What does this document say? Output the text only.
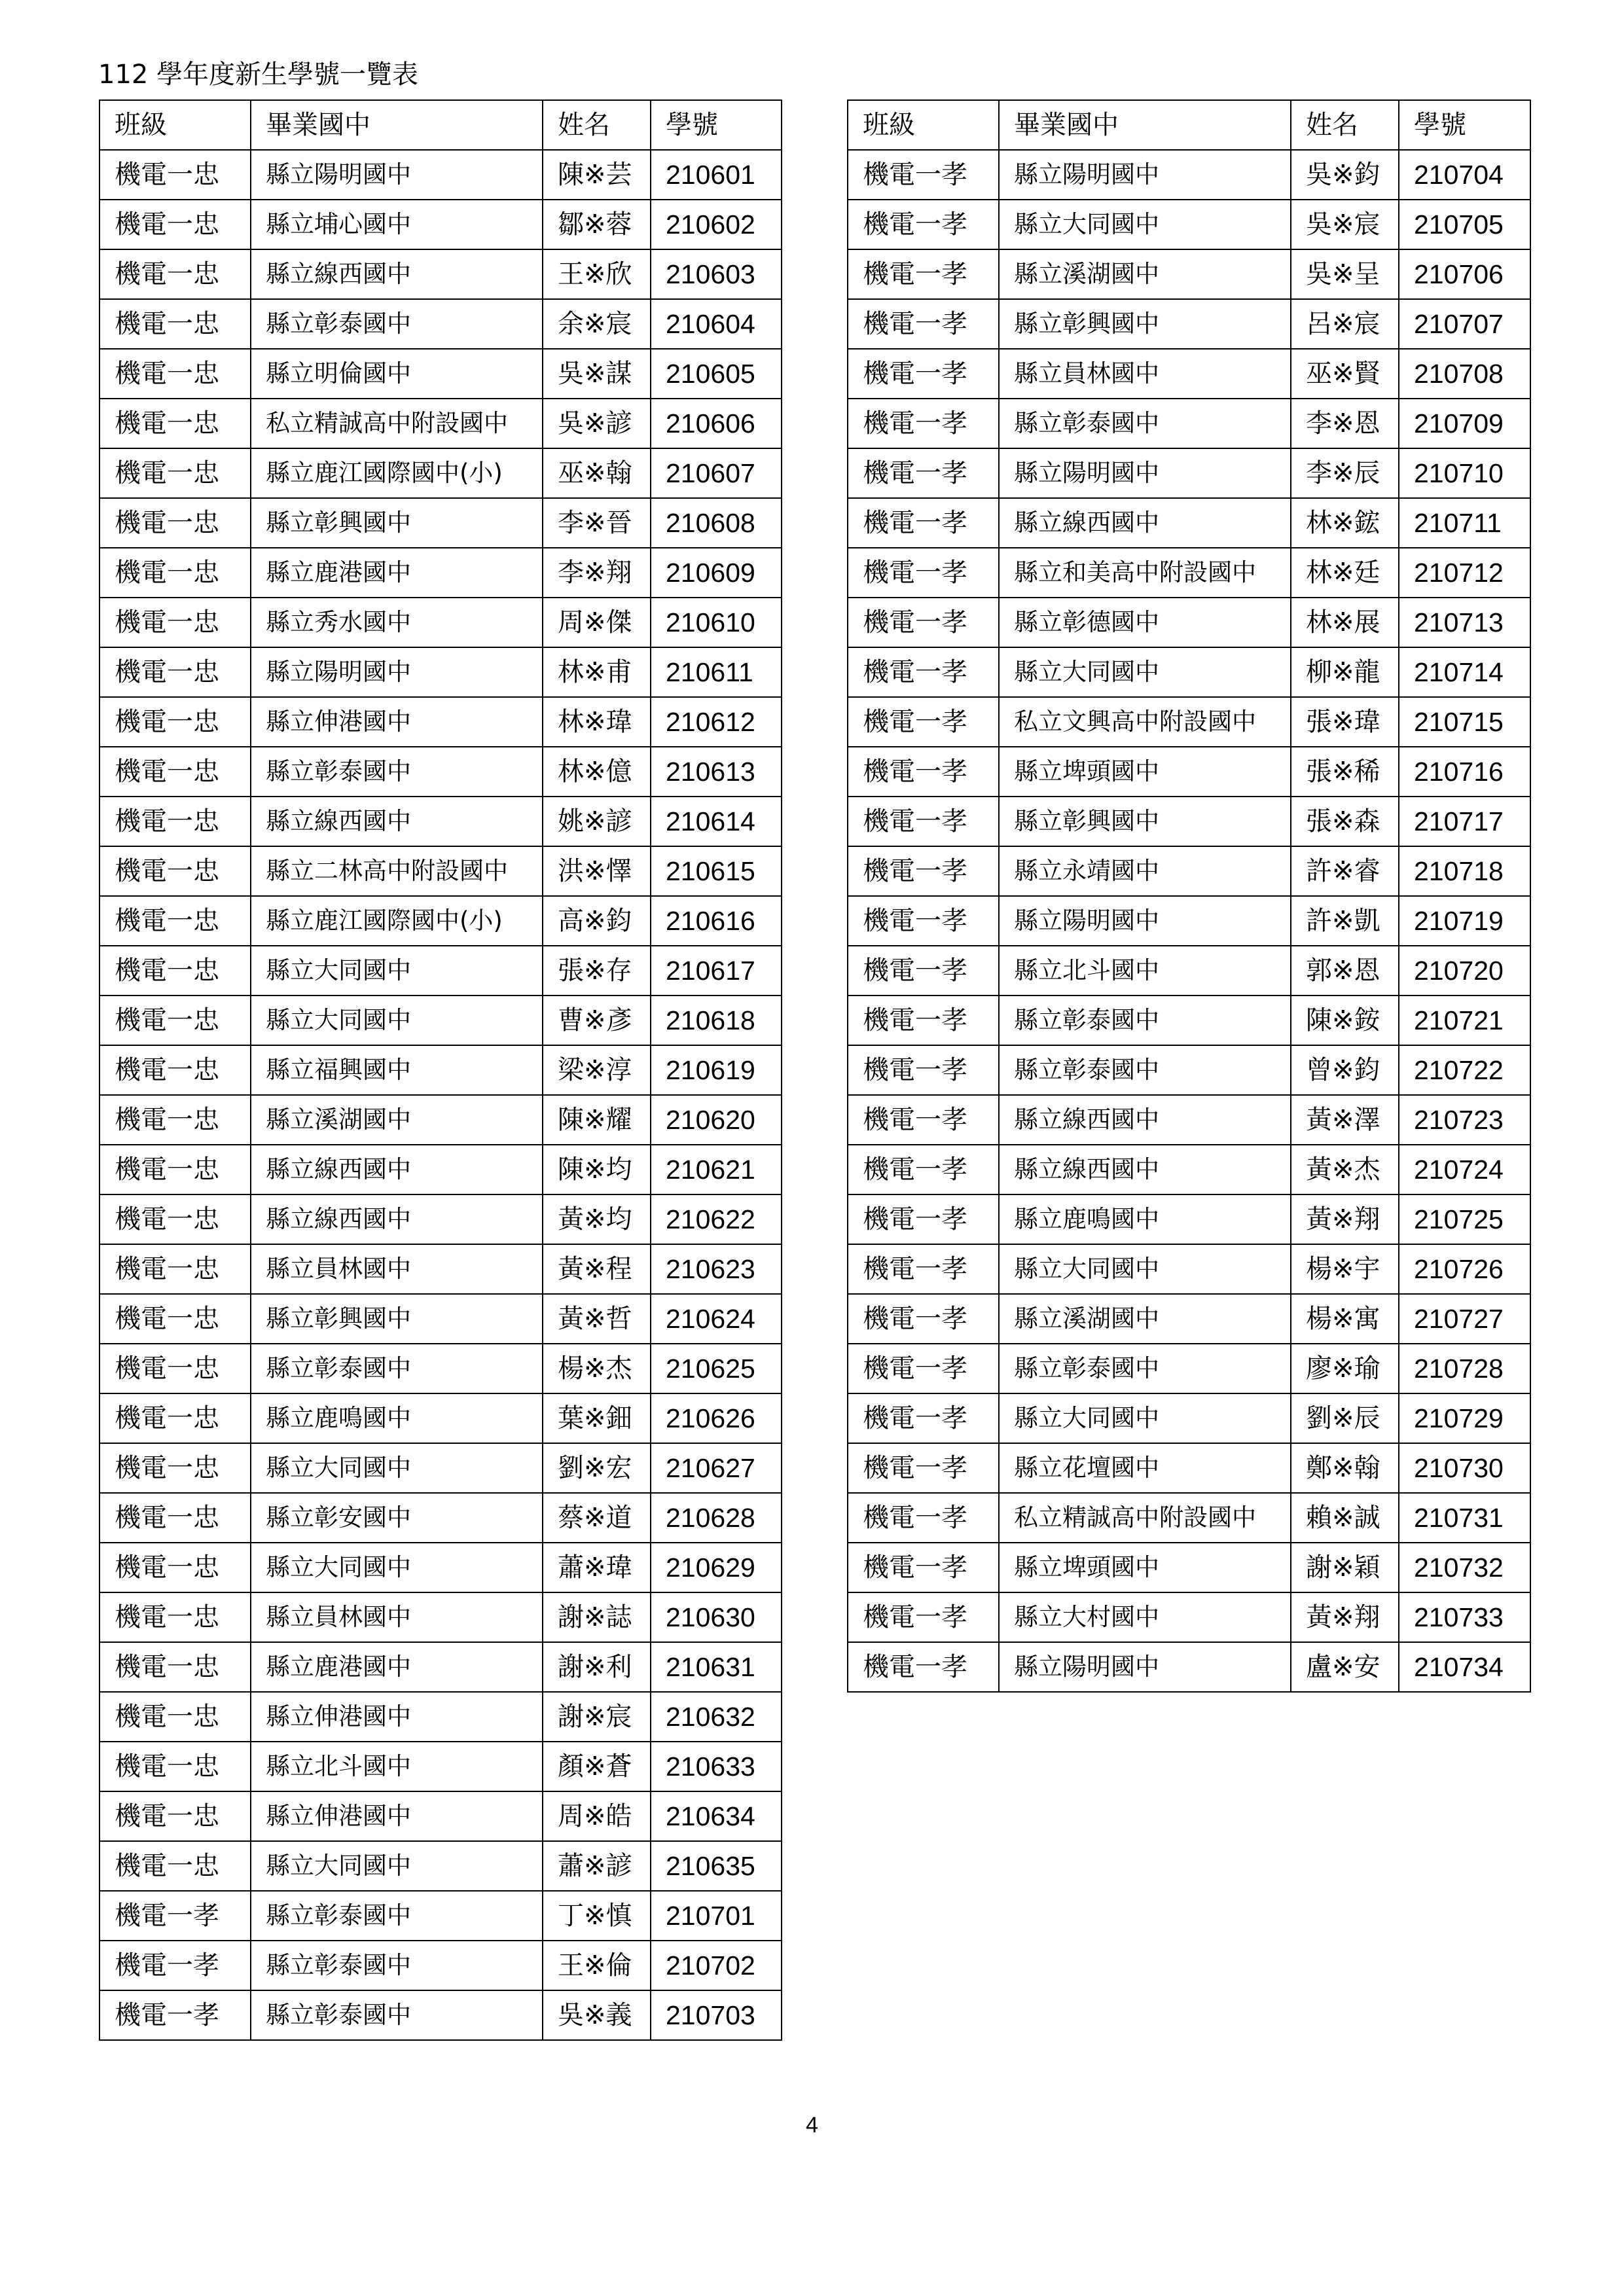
112 學年度新生學號一覽表
班級	畢業國中	姓名	學號
機電一忠	縣立陽明國中	陳※芸	210601
機電一忠	縣立埔心國中	鄒※蓉	210602
機電一忠	縣立線西國中	王※欣	210603
機電一忠	縣立彰泰國中	余※宸	210604
機電一忠	縣立明倫國中	吳※謀	210605
機電一忠	私立精誠高中附設國中	吳※諺	210606
機電一忠	縣立鹿江國際國中(小)	巫※翰	210607
機電一忠	縣立彰興國中	李※晉	210608
機電一忠	縣立鹿港國中	李※翔	210609
機電一忠	縣立秀水國中	周※傑	210610
機電一忠	縣立陽明國中	林※甫	210611
機電一忠	縣立伸港國中	林※瑋	210612
機電一忠	縣立彰泰國中	林※億	210613
機電一忠	縣立線西國中	姚※諺	210614
機電一忠	縣立二林高中附設國中	洪※懌	210615
機電一忠	縣立鹿江國際國中(小)	高※鈞	210616
機電一忠	縣立大同國中	張※存	210617
機電一忠	縣立大同國中	曹※彥	210618
機電一忠	縣立福興國中	梁※淳	210619
機電一忠	縣立溪湖國中	陳※耀	210620
機電一忠	縣立線西國中	陳※均	210621
機電一忠	縣立線西國中	黃※均	210622
機電一忠	縣立員林國中	黃※程	210623
機電一忠	縣立彰興國中	黃※哲	210624
機電一忠	縣立彰泰國中	楊※杰	210625
機電一忠	縣立鹿鳴國中	葉※鈿	210626
機電一忠	縣立大同國中	劉※宏	210627
機電一忠	縣立彰安國中	蔡※道	210628
機電一忠	縣立大同國中	蕭※瑋	210629
機電一忠	縣立員林國中	謝※誌	210630
機電一忠	縣立鹿港國中	謝※利	210631
機電一忠	縣立伸港國中	謝※宸	210632
機電一忠	縣立北斗國中	顏※蒼	210633
機電一忠	縣立伸港國中	周※皓	210634
機電一忠	縣立大同國中	蕭※諺	210635
機電一孝	縣立彰泰國中	丁※慎	210701
機電一孝	縣立彰泰國中	王※倫	210702
機電一孝	縣立彰泰國中	吳※義	210703
班級	畢業國中	姓名	學號
機電一孝	縣立陽明國中	吳※鈞	210704
機電一孝	縣立大同國中	吳※宸	210705
機電一孝	縣立溪湖國中	吳※呈	210706
機電一孝	縣立彰興國中	呂※宸	210707
機電一孝	縣立員林國中	巫※賢	210708
機電一孝	縣立彰泰國中	李※恩	210709
機電一孝	縣立陽明國中	李※辰	210710
機電一孝	縣立線西國中	林※鋐	210711
機電一孝	縣立和美高中附設國中	林※廷	210712
機電一孝	縣立彰德國中	林※展	210713
機電一孝	縣立大同國中	柳※龍	210714
機電一孝	私立文興高中附設國中	張※瑋	210715
機電一孝	縣立埤頭國中	張※稀	210716
機電一孝	縣立彰興國中	張※森	210717
機電一孝	縣立永靖國中	許※睿	210718
機電一孝	縣立陽明國中	許※凱	210719
機電一孝	縣立北斗國中	郭※恩	210720
機電一孝	縣立彰泰國中	陳※銨	210721
機電一孝	縣立彰泰國中	曾※鈞	210722
機電一孝	縣立線西國中	黃※澤	210723
機電一孝	縣立線西國中	黃※杰	210724
機電一孝	縣立鹿鳴國中	黃※翔	210725
機電一孝	縣立大同國中	楊※宇	210726
機電一孝	縣立溪湖國中	楊※寓	210727
機電一孝	縣立彰泰國中	廖※瑜	210728
機電一孝	縣立大同國中	劉※辰	210729
機電一孝	縣立花壇國中	鄭※翰	210730
機電一孝	私立精誠高中附設國中	賴※誠	210731
機電一孝	縣立埤頭國中	謝※穎	210732
機電一孝	縣立大村國中	黃※翔	210733
機電一孝	縣立陽明國中	盧※安	210734
4
